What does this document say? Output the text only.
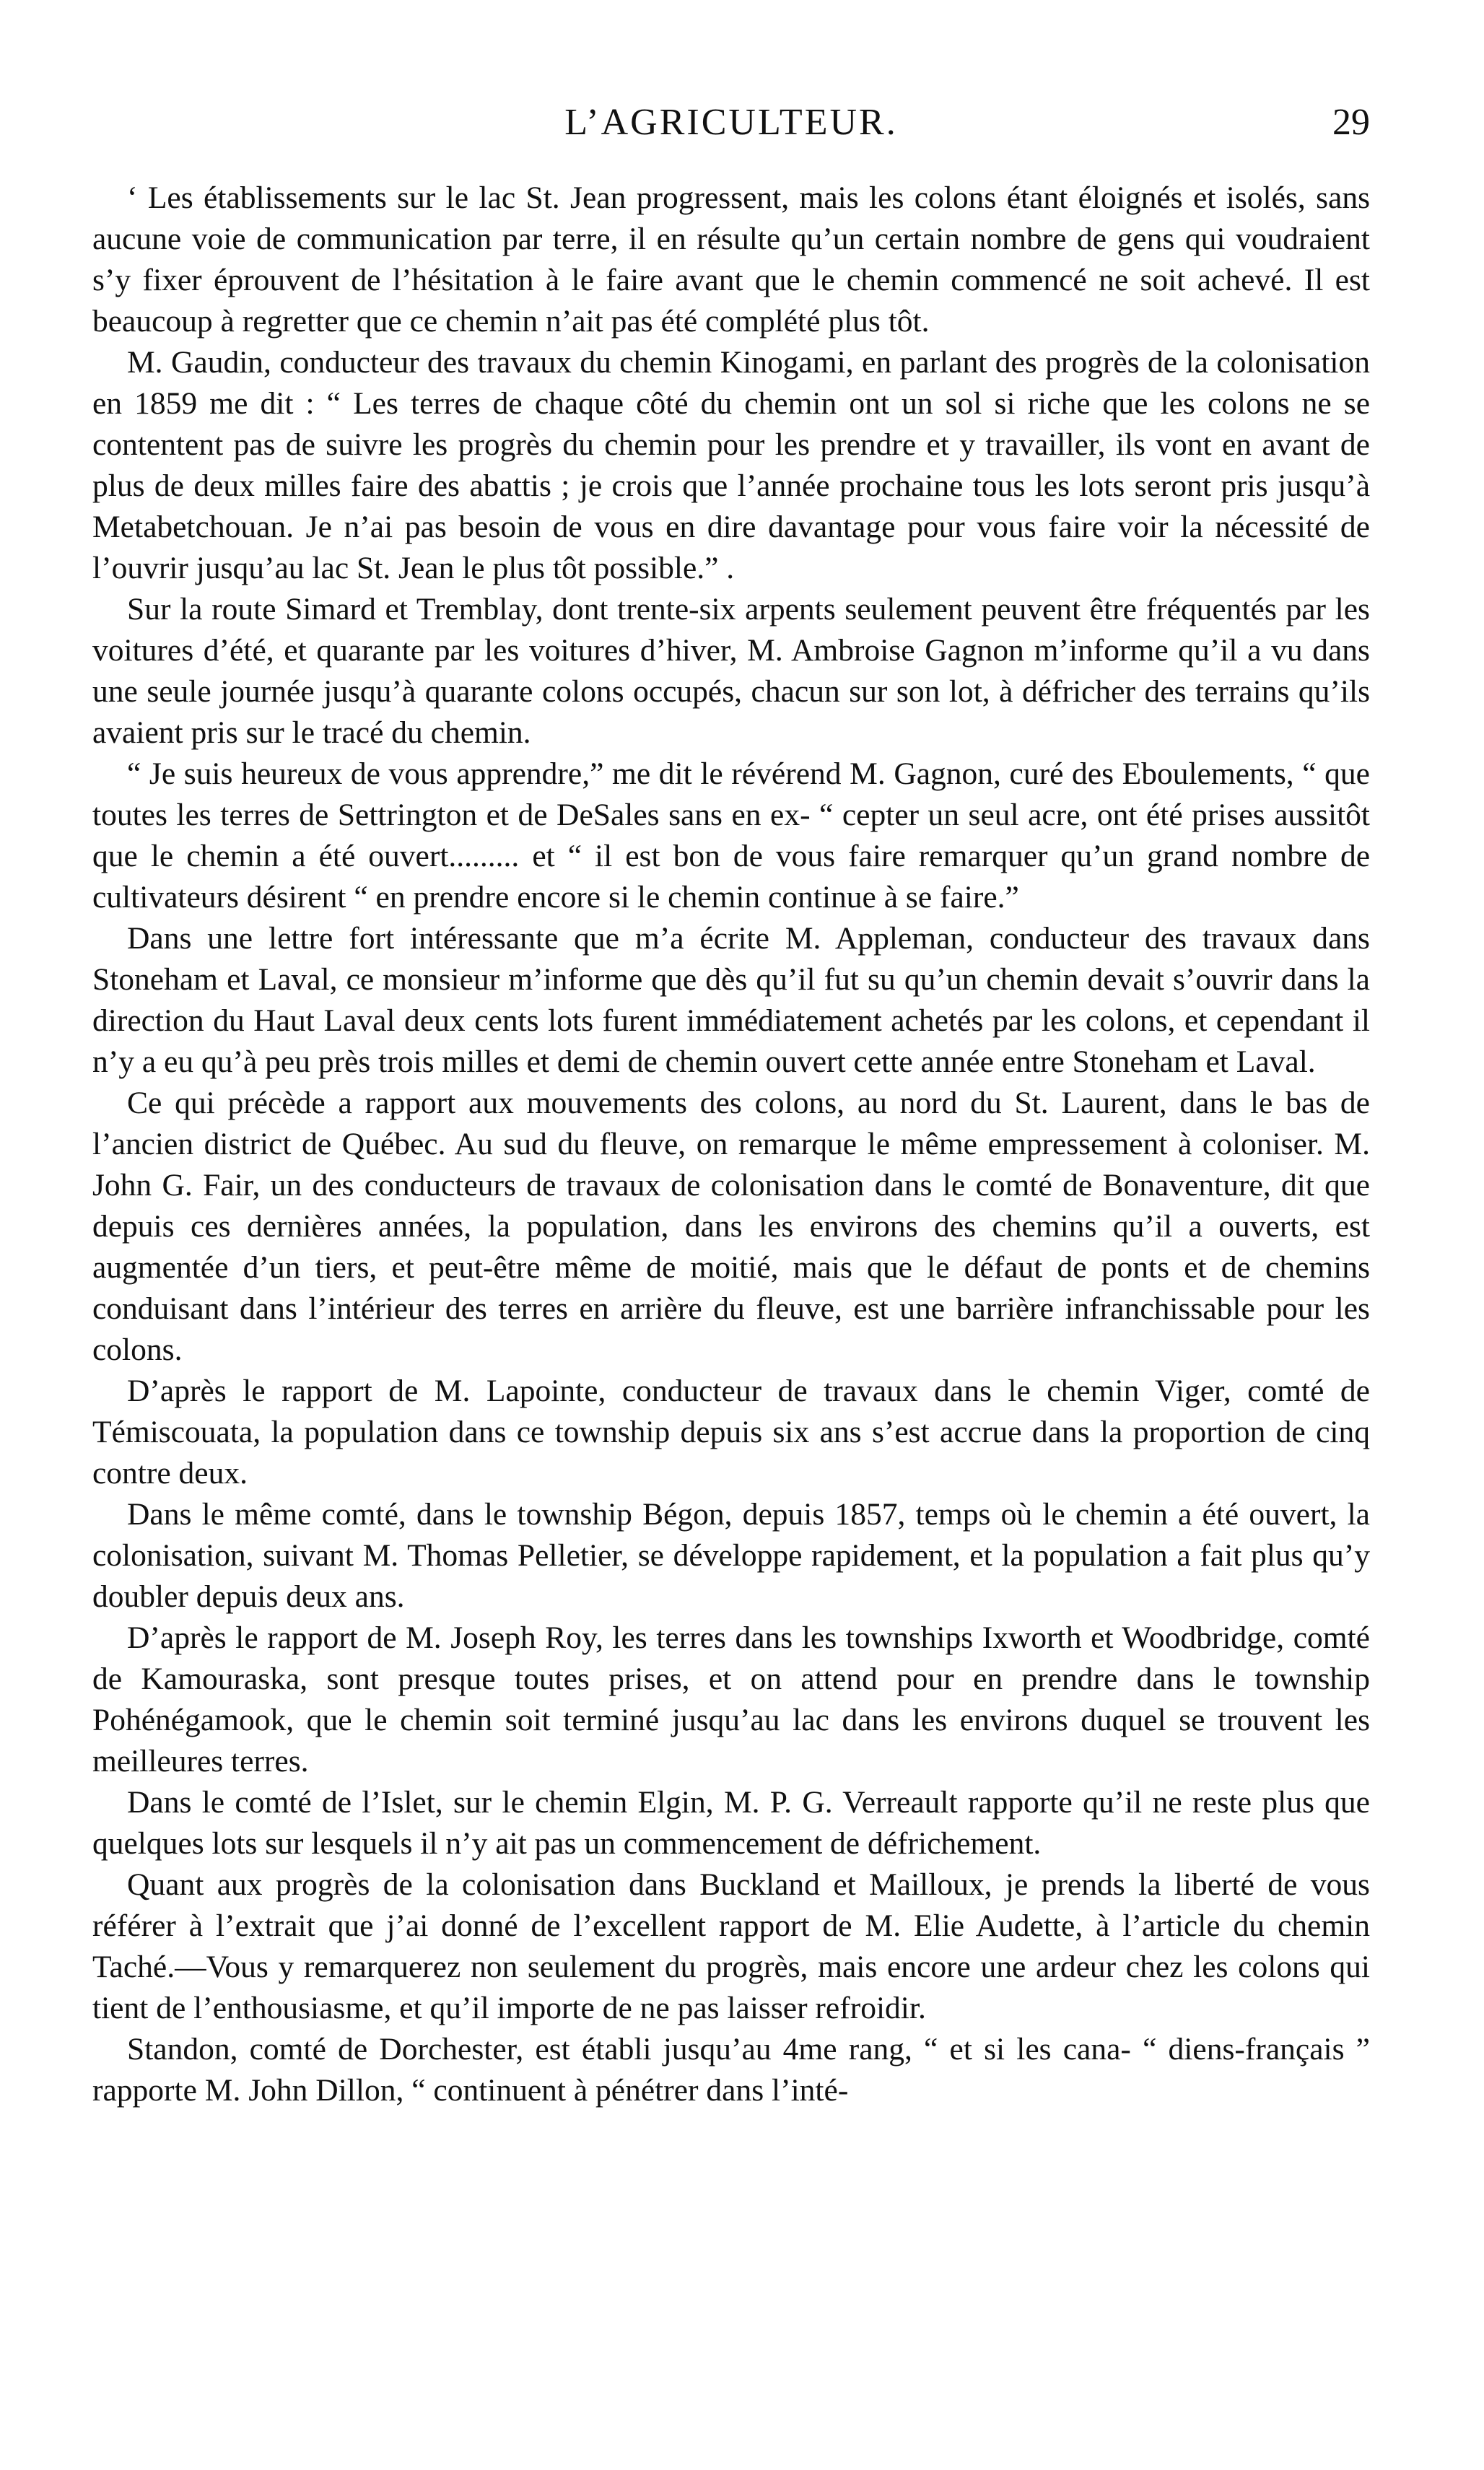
L’AGRICULTEUR.	29

‘ Les établissements sur le lac St. Jean progressent, mais les colons étant éloignés et isolés, sans aucune voie de communication par terre, il en résulte qu’un certain nombre de gens qui voudraient s’y fixer éprouvent de l’hésitation à le faire avant que le chemin commencé ne soit achevé. Il est beaucoup à regretter que ce chemin n’ait pas été complété plus tôt.

M. Gaudin, conducteur des travaux du chemin Kinogami, en parlant des progrès de la colonisation en 1859 me dit : “ Les terres de chaque côté du chemin ont un sol si riche que les colons ne se contentent pas de suivre les progrès du chemin pour les prendre et y travailler, ils vont en avant de plus de deux milles faire des abattis ; je crois que l’année prochaine tous les lots seront pris jusqu’à Metabetchouan. Je n’ai pas besoin de vous en dire davantage pour vous faire voir la nécessité de l’ouvrir jusqu’au lac St. Jean le plus tôt possible.” .

Sur la route Simard et Tremblay, dont trente-six arpents seulement peuvent être fréquentés par les voitures d’été, et quarante par les voitures d’hiver, M. Ambroise Gagnon m’informe qu’il a vu dans une seule journée jusqu’à quarante colons occupés, chacun sur son lot, à défricher des terrains qu’ils avaient pris sur le tracé du chemin.

“ Je suis heureux de vous apprendre,” me dit le révérend M. Gagnon, curé des Eboulements, “ que toutes les terres de Settrington et de DeSales sans en ex- “ cepter un seul acre, ont été prises aussitôt que le chemin a été ouvert......... et “ il est bon de vous faire remarquer qu’un grand nombre de cultivateurs désirent “ en prendre encore si le chemin continue à se faire.”

Dans une lettre fort intéressante que m’a écrite M. Appleman, conducteur des travaux dans Stoneham et Laval, ce monsieur m’informe que dès qu’il fut su qu’un chemin devait s’ouvrir dans la direction du Haut Laval deux cents lots furent immédiatement achetés par les colons, et cependant il n’y a eu qu’à peu près trois milles et demi de chemin ouvert cette année entre Stoneham et Laval.

Ce qui précède a rapport aux mouvements des colons, au nord du St. Laurent, dans le bas de l’ancien district de Québec. Au sud du fleuve, on remarque le même empressement à coloniser. M. John G. Fair, un des conducteurs de travaux de colonisation dans le comté de Bonaventure, dit que depuis ces dernières années, la population, dans les environs des chemins qu’il a ouverts, est augmentée d’un tiers, et peut-être même de moitié, mais que le défaut de ponts et de chemins conduisant dans l’intérieur des terres en arrière du fleuve, est une barrière infranchissable pour les colons.

D’après le rapport de M. Lapointe, conducteur de travaux dans le chemin Viger, comté de Témiscouata, la population dans ce township depuis six ans s’est accrue dans la proportion de cinq contre deux.

Dans le même comté, dans le township Bégon, depuis 1857, temps où le chemin a été ouvert, la colonisation, suivant M. Thomas Pelletier, se développe rapidement, et la population a fait plus qu’y doubler depuis deux ans.

D’après le rapport de M. Joseph Roy, les terres dans les townships Ixworth et Woodbridge, comté de Kamouraska, sont presque toutes prises, et on attend pour en prendre dans le township Pohénégamook, que le chemin soit terminé jusqu’au lac dans les environs duquel se trouvent les meilleures terres.

Dans le comté de l’Islet, sur le chemin Elgin, M. P. G. Verreault rapporte qu’il ne reste plus que quelques lots sur lesquels il n’y ait pas un commencement de défrichement.

Quant aux progrès de la colonisation dans Buckland et Mailloux, je prends la liberté de vous référer à l’extrait que j’ai donné de l’excellent rapport de M. Elie Audette, à l’article du chemin Taché.—Vous y remarquerez non seulement du progrès, mais encore une ardeur chez les colons qui tient de l’enthousiasme, et qu’il importe de ne pas laisser refroidir.

Standon, comté de Dorchester, est établi jusqu’au 4me rang, “ et si les cana- “ diens-français ” rapporte M. John Dillon, “ continuent à pénétrer dans l’inté-
